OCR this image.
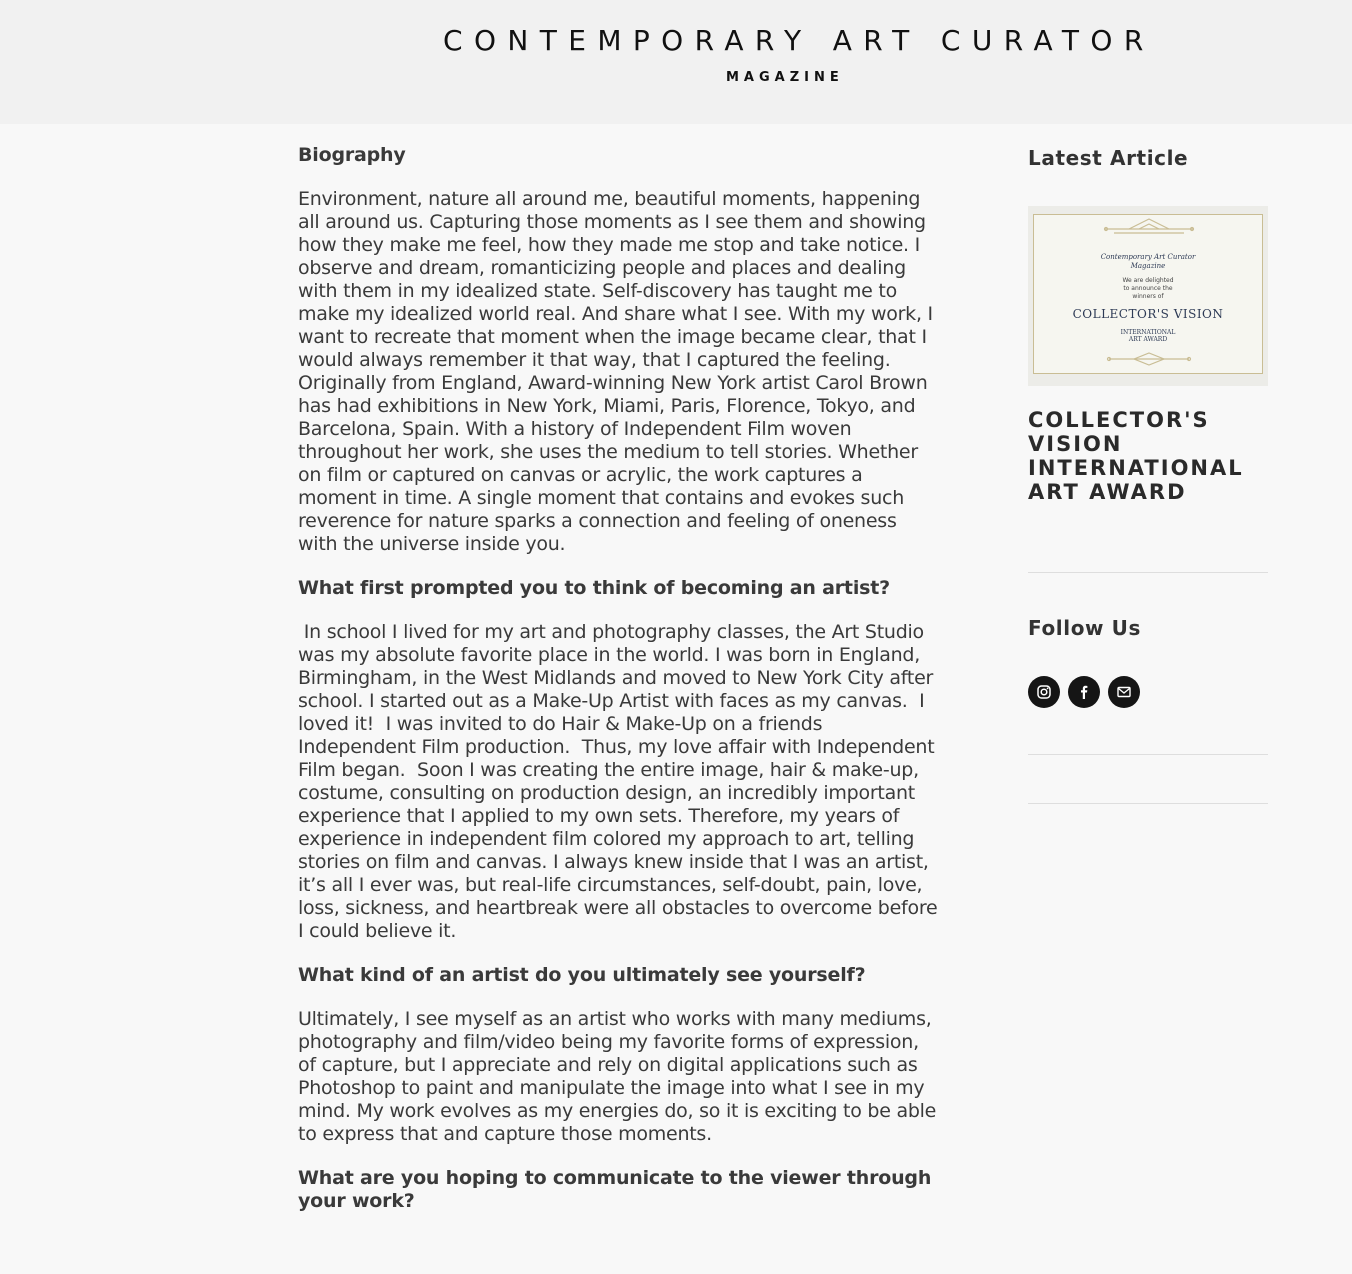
CONTEMPORARY ART CURATOR
MAGAZINE
Biography

Environment, nature all around me, beautiful moments, happening all around us. Capturing those moments as I see them and showing how they make me feel, how they made me stop and take notice. I observe and dream, romanticizing people and places and dealing with them in my idealized state. Self-discovery has taught me to make my idealized world real. And share what I see. With my work, I want to recreate that moment when the image became clear, that I would always remember it that way, that I captured the feeling. Originally from England, Award-winning New York artist Carol Brown has had exhibitions in New York, Miami, Paris, Florence, Tokyo, and Barcelona, Spain. With a history of Independent Film woven throughout her work, she uses the medium to tell stories. Whether on film or captured on canvas or acrylic, the work captures a moment in time. A single moment that contains and evokes such reverence for nature sparks a connection and feeling of oneness with the universe inside you.

What first prompted you to think of becoming an artist?

In school I lived for my art and photography classes, the Art Studio was my absolute favorite place in the world. I was born in England, Birmingham, in the West Midlands and moved to New York City after school. I started out as a Make-Up Artist with faces as my canvas.  I loved it!  I was invited to do Hair & Make-Up on a friends Independent Film production.  Thus, my love affair with Independent Film began.  Soon I was creating the entire image, hair & make-up, costume, consulting on production design, an incredibly important experience that I applied to my own sets. Therefore, my years of experience in independent film colored my approach to art, telling stories on film and canvas. I always knew inside that I was an artist, it’s all I ever was, but real-life circumstances, self-doubt, pain, love, loss, sickness, and heartbreak were all obstacles to overcome before I could believe it.

What kind of an artist do you ultimately see yourself?

Ultimately, I see myself as an artist who works with many mediums, photography and film/video being my favorite forms of expression, of capture, but I appreciate and rely on digital applications such as Photoshop to paint and manipulate the image into what I see in my mind. My work evolves as my energies do, so it is exciting to be able to express that and capture those moments.

What are you hoping to communicate to the viewer through your work?
Latest Article
Contemporary Art Curator
Magazine
We are delighted
to announce the
winners of
COLLECTOR'S VISION
INTERNATIONAL
ART AWARD
COLLECTOR'S VISION INTERNATIONAL ART AWARD
Follow Us
